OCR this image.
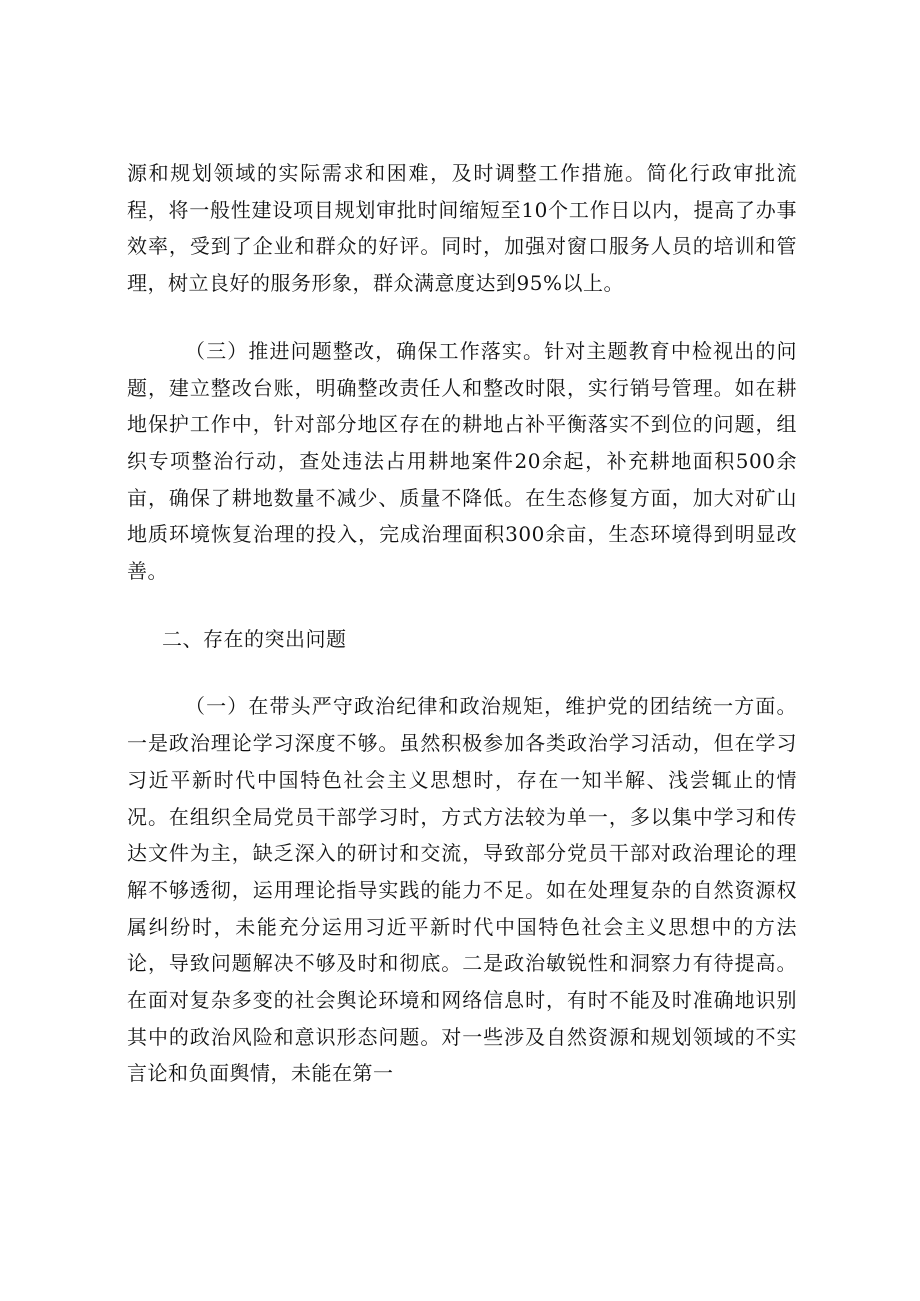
源和规划领域的实际需求和困难，及时调整工作措施。简化行政审批流程，将一般性建设项目规划审批时间缩短至10个工作日以内，提高了办事效率，受到了企业和群众的好评。同时，加强对窗口服务人员的培训和管理，树立良好的服务形象，群众满意度达到95%以上。

（三）推进问题整改，确保工作落实。针对主题教育中检视出的问题，建立整改台账，明确整改责任人和整改时限，实行销号管理。如在耕地保护工作中，针对部分地区存在的耕地占补平衡落实不到位的问题，组织专项整治行动，查处违法占用耕地案件20余起，补充耕地面积500余亩，确保了耕地数量不减少、质量不降低。在生态修复方面，加大对矿山地质环境恢复治理的投入，完成治理面积300余亩，生态环境得到明显改善。

二、存在的突出问题

（一）在带头严守政治纪律和政治规矩，维护党的团结统一方面。一是政治理论学习深度不够。虽然积极参加各类政治学习活动，但在学习习近平新时代中国特色社会主义思想时，存在一知半解、浅尝辄止的情况。在组织全局党员干部学习时，方式方法较为单一，多以集中学习和传达文件为主，缺乏深入的研讨和交流，导致部分党员干部对政治理论的理解不够透彻，运用理论指导实践的能力不足。如在处理复杂的自然资源权属纠纷时，未能充分运用习近平新时代中国特色社会主义思想中的方法论，导致问题解决不够及时和彻底。二是政治敏锐性和洞察力有待提高。在面对复杂多变的社会舆论环境和网络信息时，有时不能及时准确地识别其中的政治风险和意识形态问题。对一些涉及自然资源和规划领域的不实言论和负面舆情，未能在第一
